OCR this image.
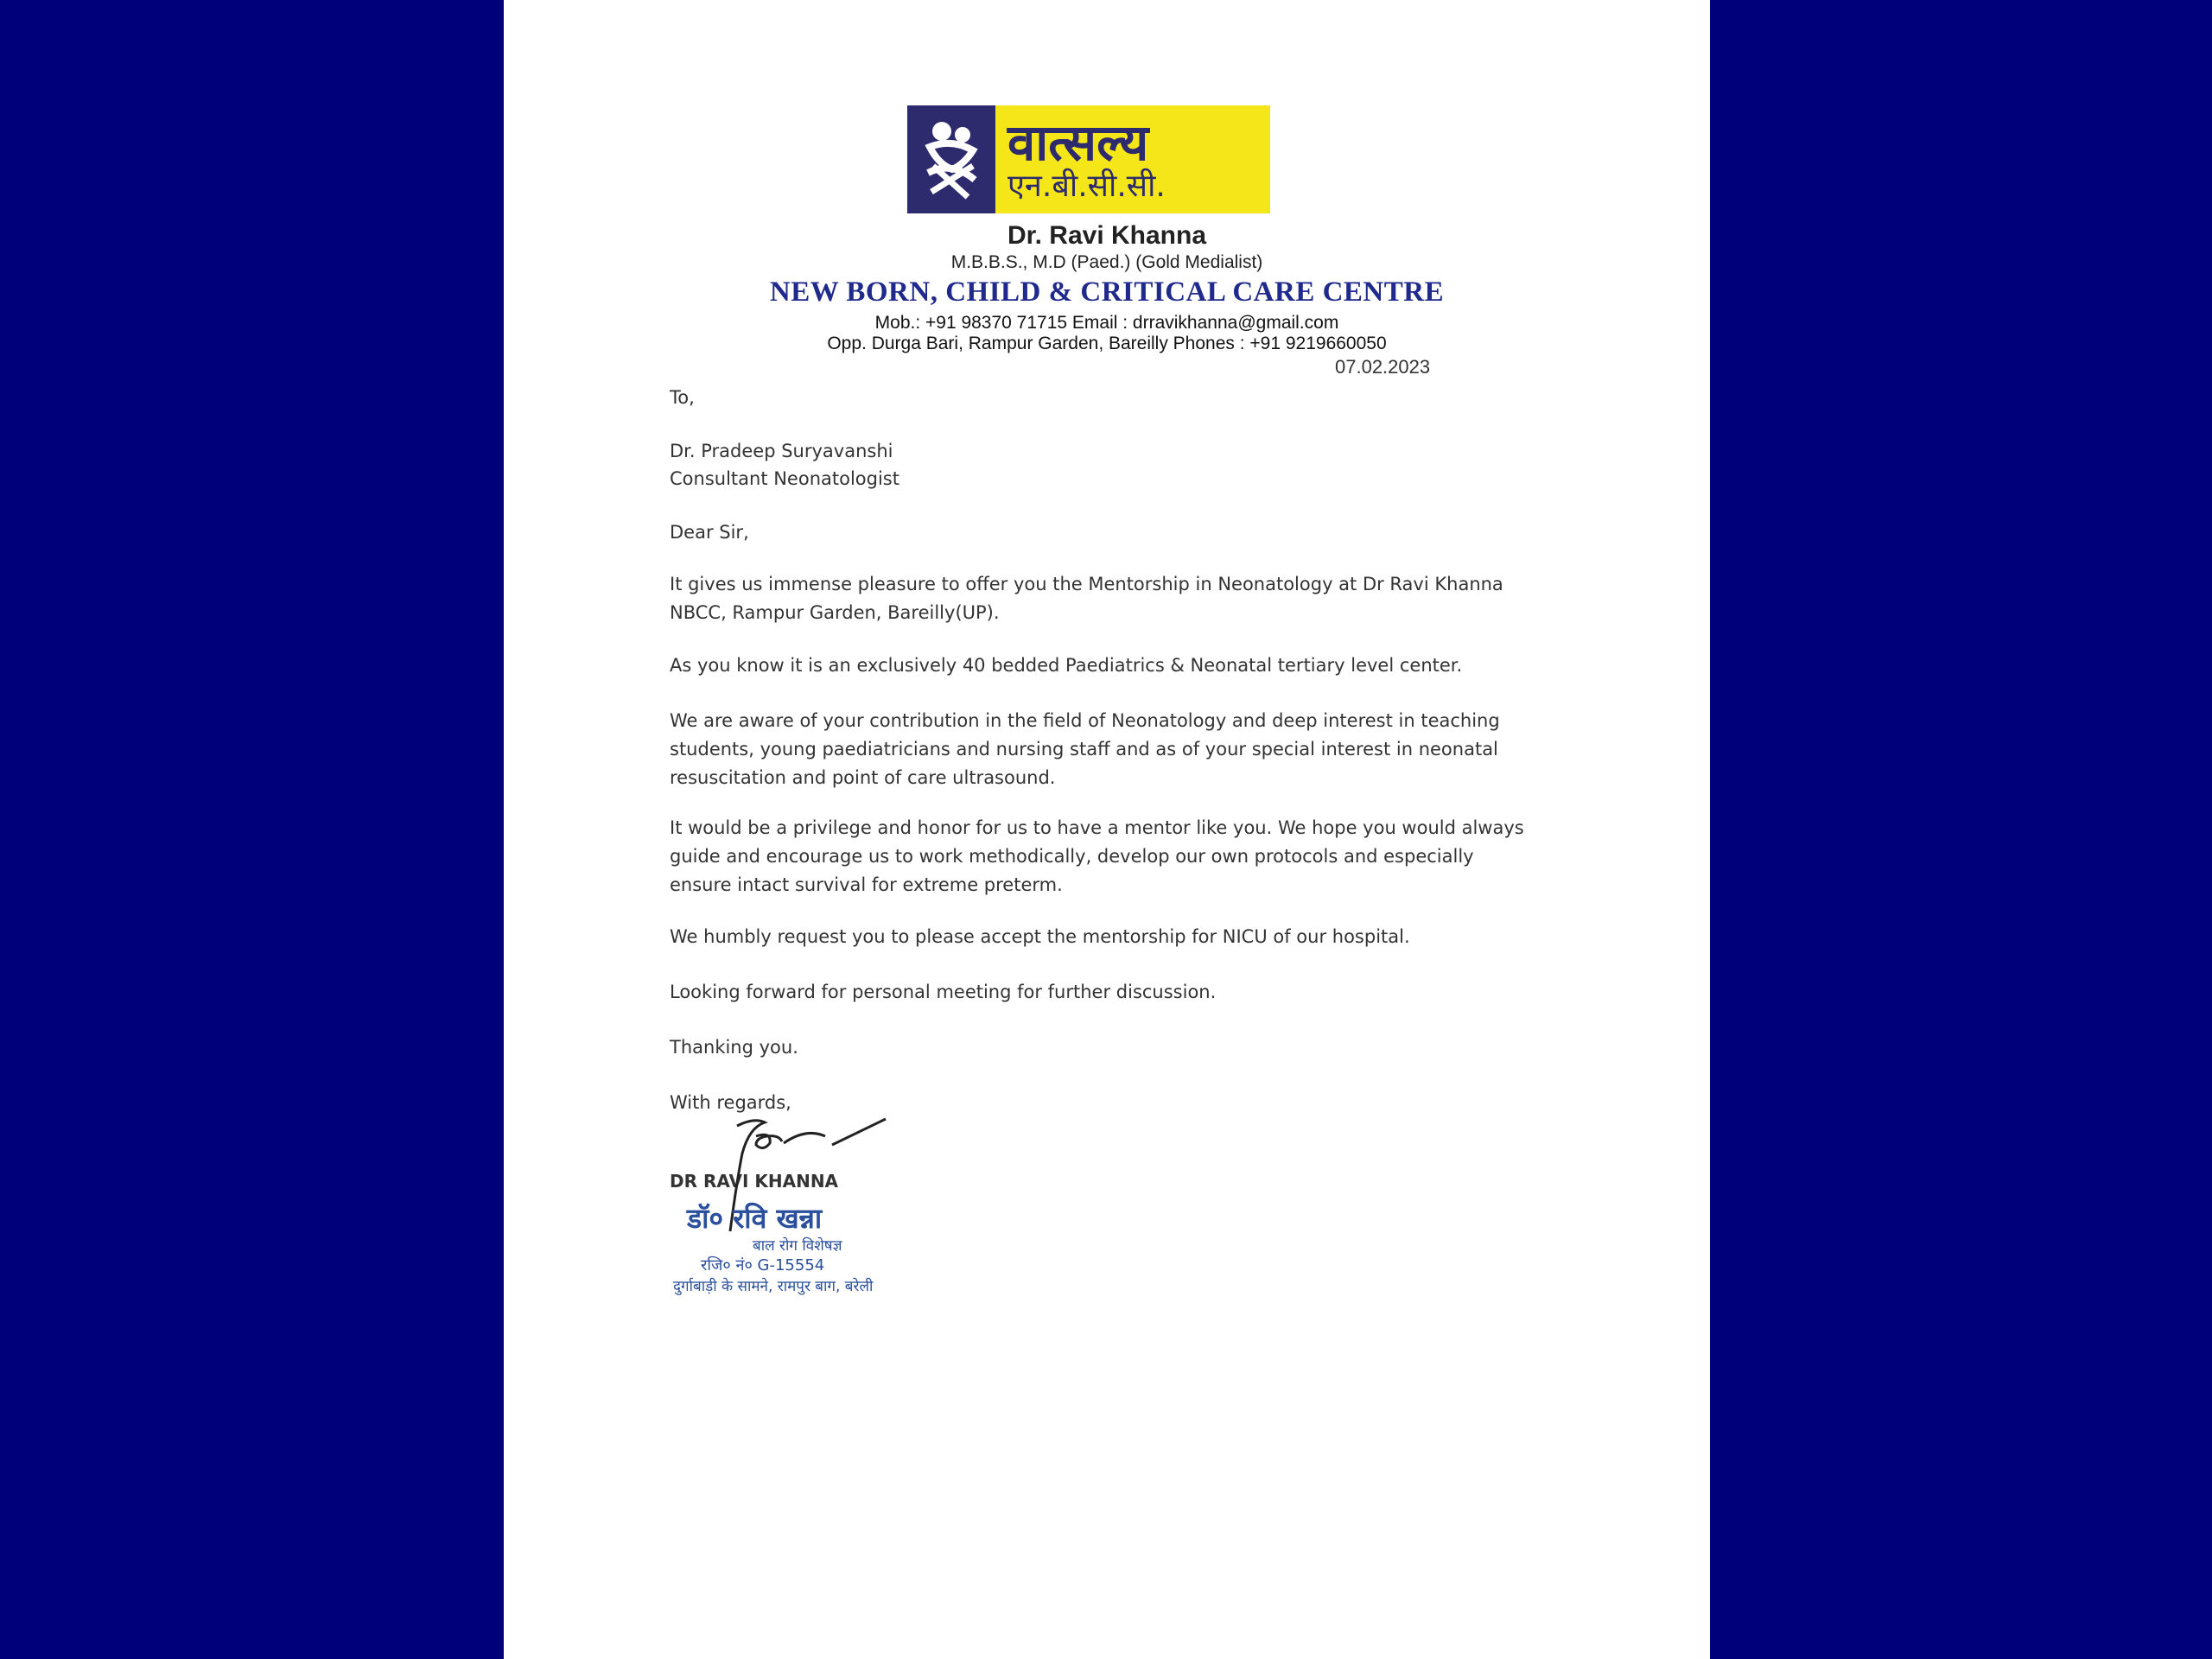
वात्सल्य
एन.बी.सी.सी.
Dr. Ravi Khanna
M.B.B.S., M.D (Paed.) (Gold Medialist)
NEW BORN, CHILD & CRITICAL CARE CENTRE
Mob.: +91 98370 71715 Email : drravikhanna@gmail.com
Opp. Durga Bari, Rampur Garden, Bareilly Phones : +91 9219660050
07.02.2023
To,
Dr. Pradeep Suryavanshi
Consultant Neonatologist
Dear Sir,
It gives us immense pleasure to offer you the Mentorship in Neonatology at Dr Ravi Khanna NBCC, Rampur Garden, Bareilly(UP).
As you know it is an exclusively 40 bedded Paediatrics & Neonatal tertiary level center.
We are aware of your contribution in the field of Neonatology and deep interest in teaching students, young paediatricians and nursing staff and as of your special interest in neonatal resuscitation and point of care ultrasound.
It would be a privilege and honor for us to have a mentor like you. We hope you would always guide and encourage us to work methodically, develop our own protocols and especially ensure intact survival for extreme preterm.
We humbly request you to please accept the mentorship for NICU of our hospital.
Looking forward for personal meeting for further discussion.
Thanking you.
With regards,
DR RAVI KHANNA
डॉ० रवि खन्ना
बाल रोग विशेषज्ञ
रजि० नं० G-15554
दुर्गाबाड़ी के सामने, रामपुर बाग, बरेली
